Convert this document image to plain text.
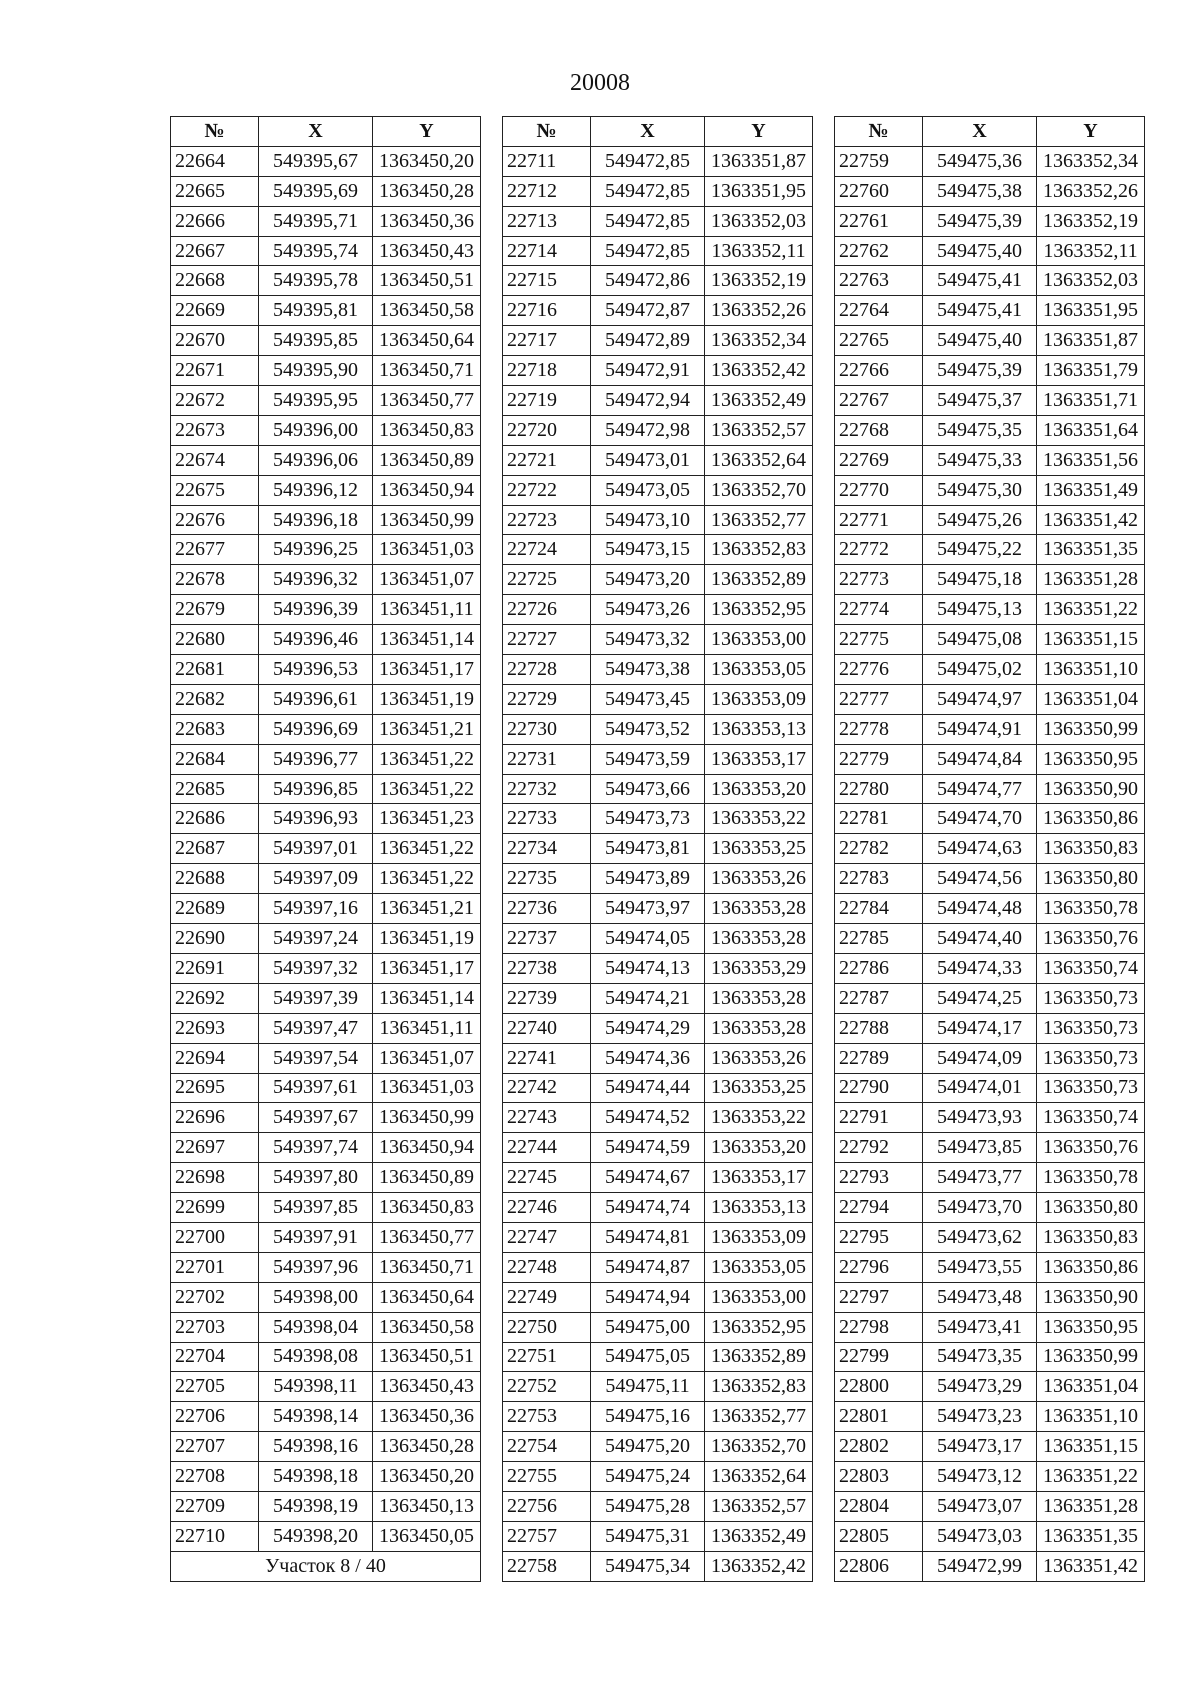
20008
№	X	Y
22664	549395,67	1363450,20
22665	549395,69	1363450,28
22666	549395,71	1363450,36
22667	549395,74	1363450,43
22668	549395,78	1363450,51
22669	549395,81	1363450,58
22670	549395,85	1363450,64
22671	549395,90	1363450,71
22672	549395,95	1363450,77
22673	549396,00	1363450,83
22674	549396,06	1363450,89
22675	549396,12	1363450,94
22676	549396,18	1363450,99
22677	549396,25	1363451,03
22678	549396,32	1363451,07
22679	549396,39	1363451,11
22680	549396,46	1363451,14
22681	549396,53	1363451,17
22682	549396,61	1363451,19
22683	549396,69	1363451,21
22684	549396,77	1363451,22
22685	549396,85	1363451,22
22686	549396,93	1363451,23
22687	549397,01	1363451,22
22688	549397,09	1363451,22
22689	549397,16	1363451,21
22690	549397,24	1363451,19
22691	549397,32	1363451,17
22692	549397,39	1363451,14
22693	549397,47	1363451,11
22694	549397,54	1363451,07
22695	549397,61	1363451,03
22696	549397,67	1363450,99
22697	549397,74	1363450,94
22698	549397,80	1363450,89
22699	549397,85	1363450,83
22700	549397,91	1363450,77
22701	549397,96	1363450,71
22702	549398,00	1363450,64
22703	549398,04	1363450,58
22704	549398,08	1363450,51
22705	549398,11	1363450,43
22706	549398,14	1363450,36
22707	549398,16	1363450,28
22708	549398,18	1363450,20
22709	549398,19	1363450,13
22710	549398,20	1363450,05
Участок 8 / 40		
№	X	Y
22711	549472,85	1363351,87
22712	549472,85	1363351,95
22713	549472,85	1363352,03
22714	549472,85	1363352,11
22715	549472,86	1363352,19
22716	549472,87	1363352,26
22717	549472,89	1363352,34
22718	549472,91	1363352,42
22719	549472,94	1363352,49
22720	549472,98	1363352,57
22721	549473,01	1363352,64
22722	549473,05	1363352,70
22723	549473,10	1363352,77
22724	549473,15	1363352,83
22725	549473,20	1363352,89
22726	549473,26	1363352,95
22727	549473,32	1363353,00
22728	549473,38	1363353,05
22729	549473,45	1363353,09
22730	549473,52	1363353,13
22731	549473,59	1363353,17
22732	549473,66	1363353,20
22733	549473,73	1363353,22
22734	549473,81	1363353,25
22735	549473,89	1363353,26
22736	549473,97	1363353,28
22737	549474,05	1363353,28
22738	549474,13	1363353,29
22739	549474,21	1363353,28
22740	549474,29	1363353,28
22741	549474,36	1363353,26
22742	549474,44	1363353,25
22743	549474,52	1363353,22
22744	549474,59	1363353,20
22745	549474,67	1363353,17
22746	549474,74	1363353,13
22747	549474,81	1363353,09
22748	549474,87	1363353,05
22749	549474,94	1363353,00
22750	549475,00	1363352,95
22751	549475,05	1363352,89
22752	549475,11	1363352,83
22753	549475,16	1363352,77
22754	549475,20	1363352,70
22755	549475,24	1363352,64
22756	549475,28	1363352,57
22757	549475,31	1363352,49
22758	549475,34	1363352,42
№	X	Y
22759	549475,36	1363352,34
22760	549475,38	1363352,26
22761	549475,39	1363352,19
22762	549475,40	1363352,11
22763	549475,41	1363352,03
22764	549475,41	1363351,95
22765	549475,40	1363351,87
22766	549475,39	1363351,79
22767	549475,37	1363351,71
22768	549475,35	1363351,64
22769	549475,33	1363351,56
22770	549475,30	1363351,49
22771	549475,26	1363351,42
22772	549475,22	1363351,35
22773	549475,18	1363351,28
22774	549475,13	1363351,22
22775	549475,08	1363351,15
22776	549475,02	1363351,10
22777	549474,97	1363351,04
22778	549474,91	1363350,99
22779	549474,84	1363350,95
22780	549474,77	1363350,90
22781	549474,70	1363350,86
22782	549474,63	1363350,83
22783	549474,56	1363350,80
22784	549474,48	1363350,78
22785	549474,40	1363350,76
22786	549474,33	1363350,74
22787	549474,25	1363350,73
22788	549474,17	1363350,73
22789	549474,09	1363350,73
22790	549474,01	1363350,73
22791	549473,93	1363350,74
22792	549473,85	1363350,76
22793	549473,77	1363350,78
22794	549473,70	1363350,80
22795	549473,62	1363350,83
22796	549473,55	1363350,86
22797	549473,48	1363350,90
22798	549473,41	1363350,95
22799	549473,35	1363350,99
22800	549473,29	1363351,04
22801	549473,23	1363351,10
22802	549473,17	1363351,15
22803	549473,12	1363351,22
22804	549473,07	1363351,28
22805	549473,03	1363351,35
22806	549472,99	1363351,42
